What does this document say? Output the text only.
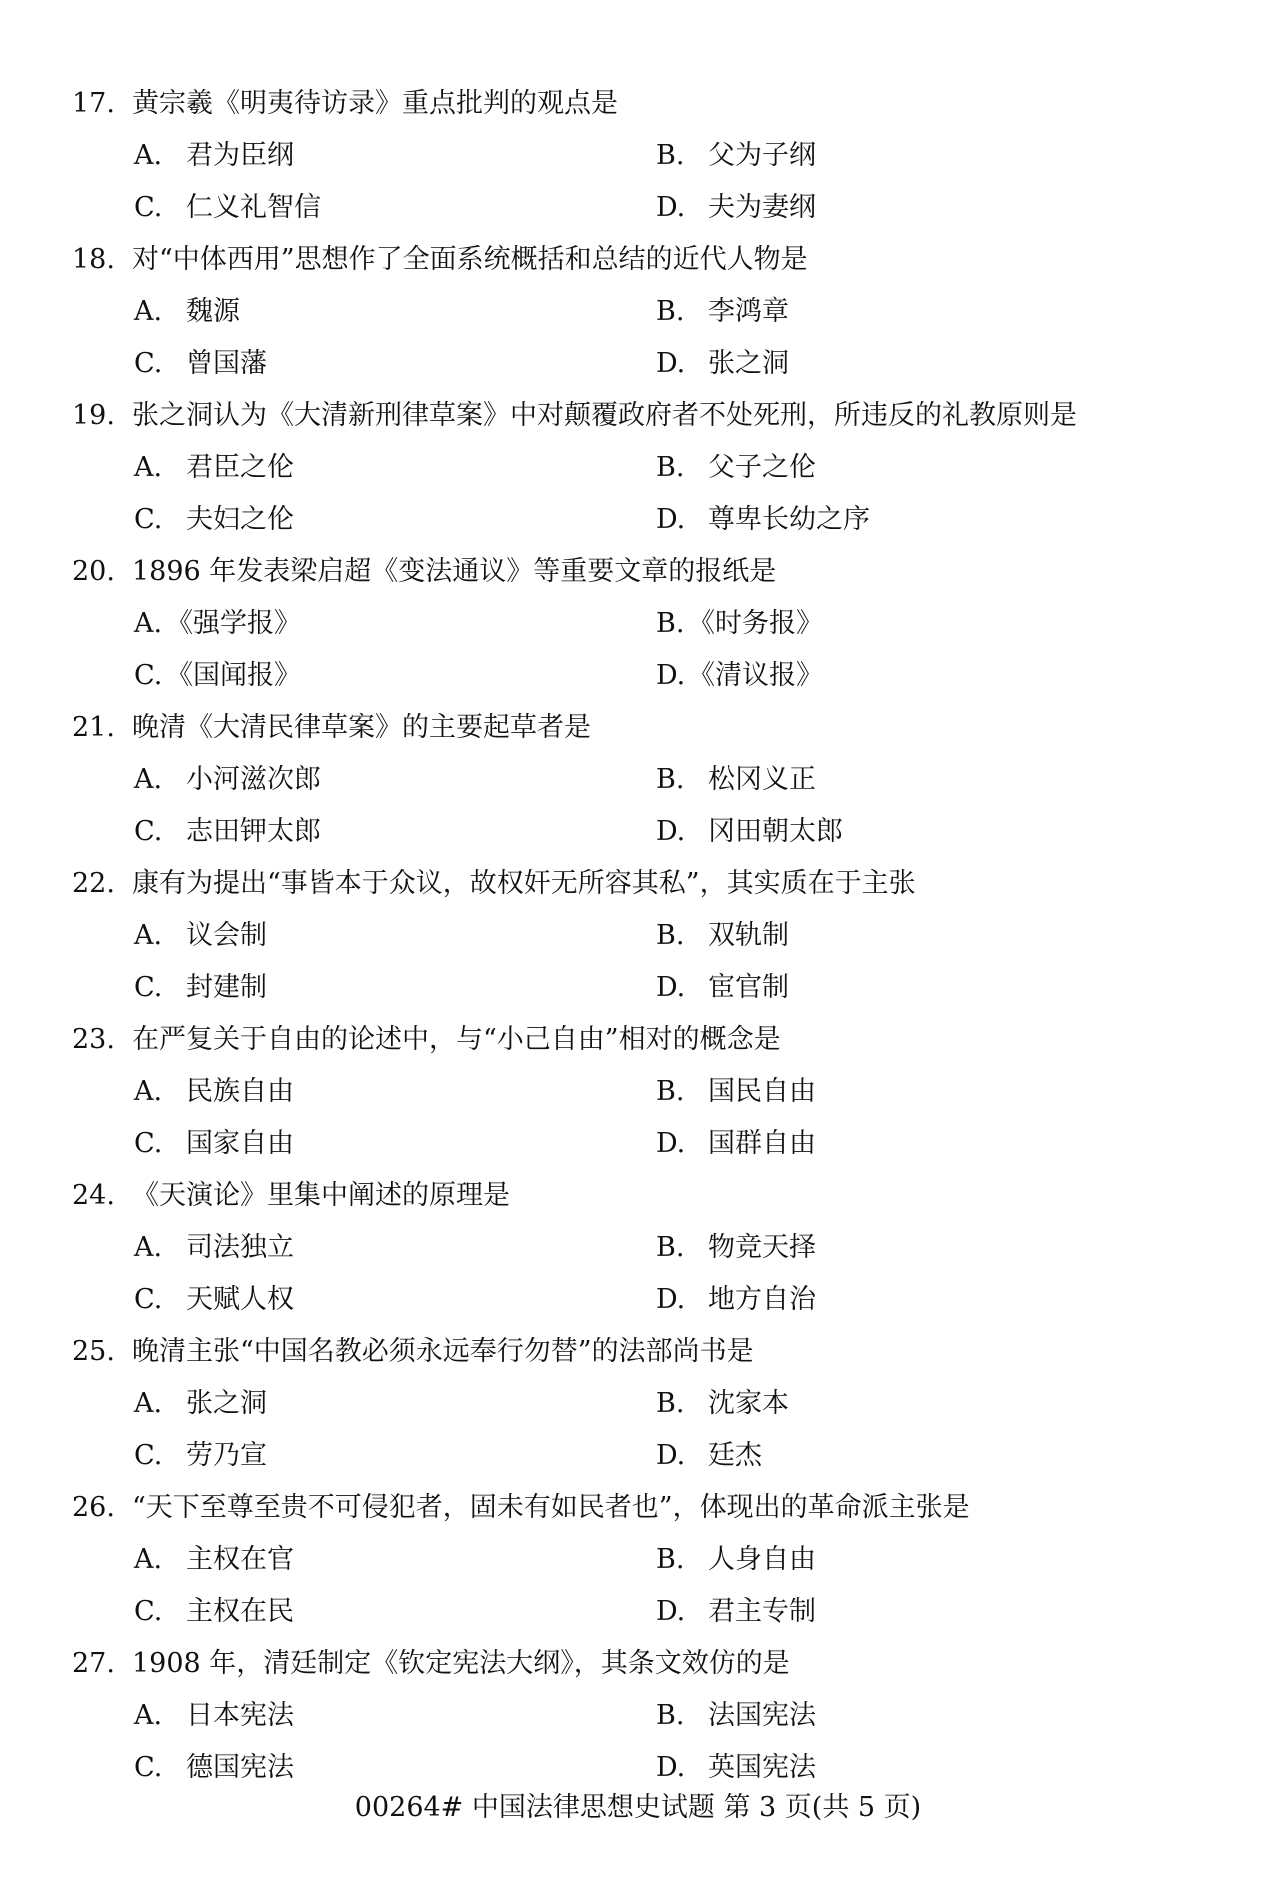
17. 黄宗羲《明夷待访录》重点批判的观点是
A. 君为臣纲	B. 父为子纲
C. 仁义礼智信	D. 夫为妻纲
18. 对“中体西用”思想作了全面系统概括和总结的近代人物是
A. 魏源	B. 李鸿章
C. 曾国藩	D. 张之洞
19. 张之洞认为《大清新刑律草案》中对颠覆政府者不处死刑，所违反的礼教原则是
A. 君臣之伦	B. 父子之伦
C. 夫妇之伦	D. 尊卑长幼之序
20. 1896 年发表梁启超《变法通议》等重要文章的报纸是
A. 《强学报》	B. 《时务报》
C. 《国闻报》	D. 《清议报》
21. 晚清《大清民律草案》的主要起草者是
A. 小河滋次郎	B. 松冈义正
C. 志田钾太郎	D. 冈田朝太郎
22. 康有为提出“事皆本于众议，故权奸无所容其私”，其实质在于主张
A. 议会制	B. 双轨制
C. 封建制	D. 宦官制
23. 在严复关于自由的论述中，与“小己自由”相对的概念是
A. 民族自由	B. 国民自由
C. 国家自由	D. 国群自由
24. 《天演论》里集中阐述的原理是
A. 司法独立	B. 物竞天择
C. 天赋人权	D. 地方自治
25. 晚清主张“中国名教必须永远奉行勿替”的法部尚书是
A. 张之洞	B. 沈家本
C. 劳乃宣	D. 廷杰
26. “天下至尊至贵不可侵犯者，固未有如民者也”，体现出的革命派主张是
A. 主权在官	B. 人身自由
C. 主权在民	D. 君主专制
27. 1908 年，清廷制定《钦定宪法大纲》，其条文效仿的是
A. 日本宪法	B. 法国宪法
C. 德国宪法	D. 英国宪法
00264# 中国法律思想史试题 第 3 页(共 5 页)
